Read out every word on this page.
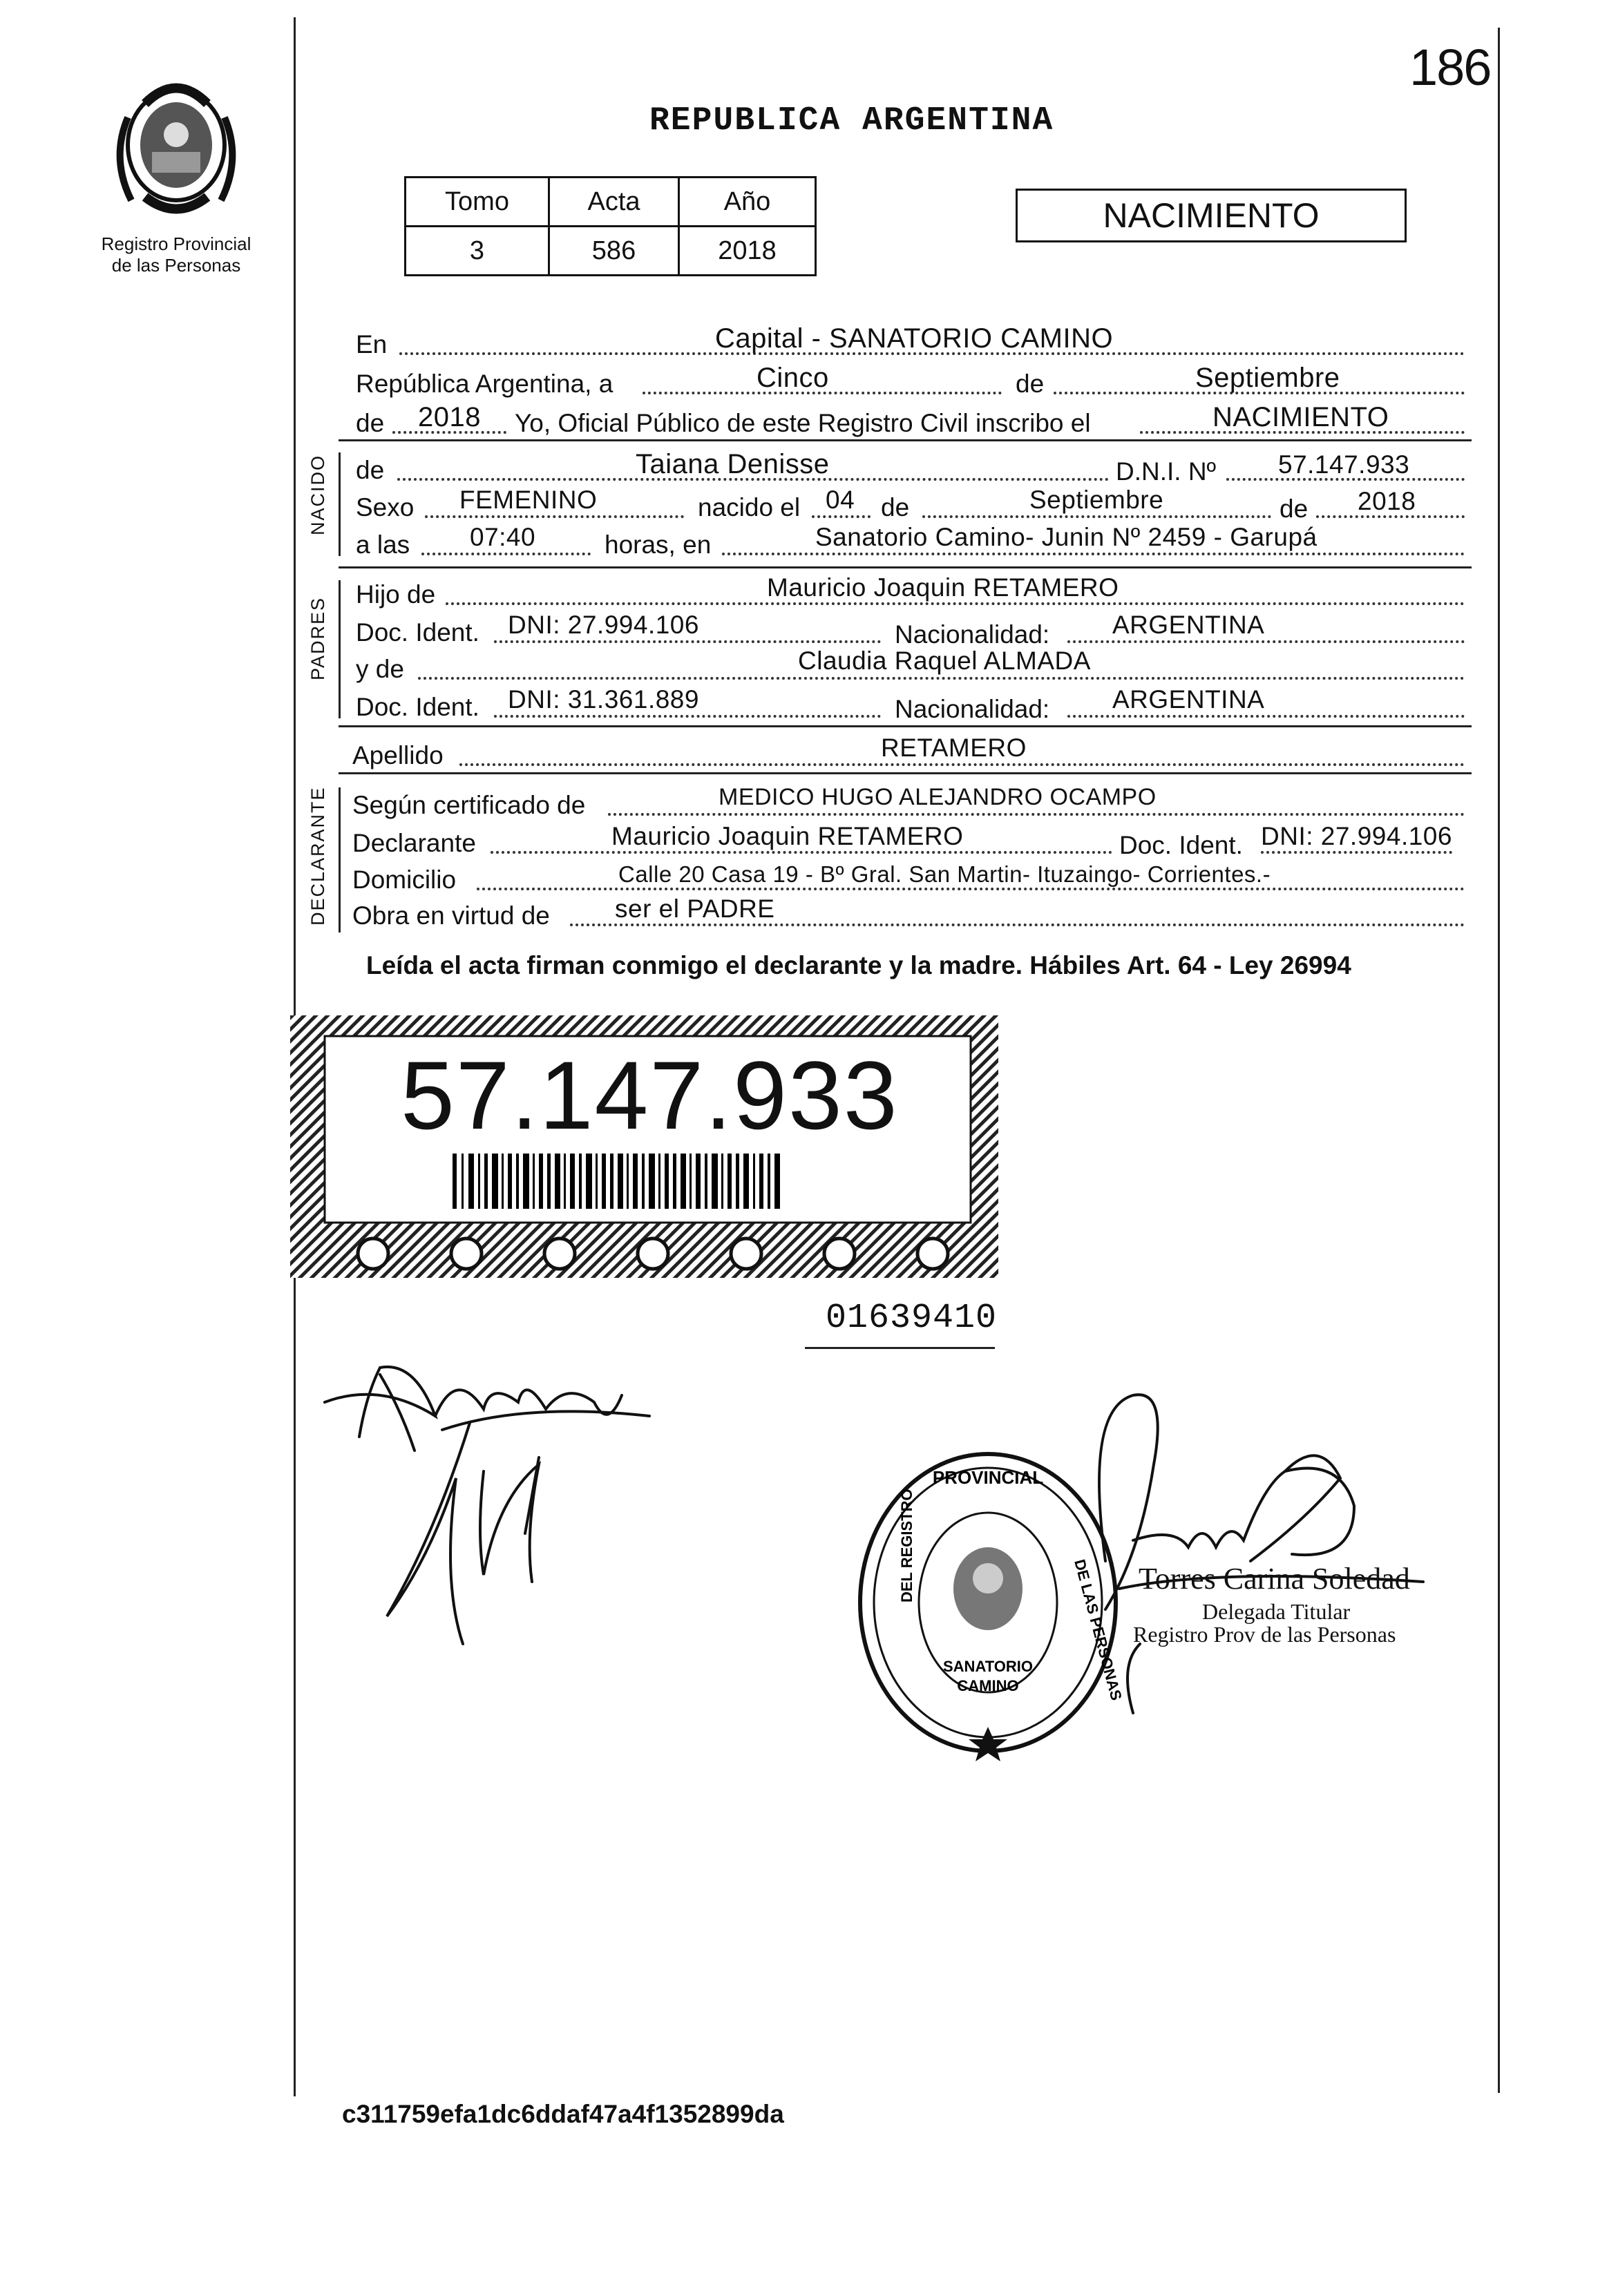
Registro Provincial
de las Personas
186
REPUBLICA ARGENTINA
Tomo	Acta	Año
3	586	2018
NACIMIENTO
En	Capital - SANATORIO CAMINO
República Argentina, a	Cinco	de	Septiembre
de 2018 Yo, Oficial Público de este Registro Civil inscribo el	NACIMIENTO
NACIDO de	Taiana Denisse	D.N.I. Nº 57.147.933
Sexo FEMENINO	nacido el 04 de	Septiembre	de 2018
a las 07:40	horas, en	Sanatorio Camino- Junin Nº 2459 - Garupá
PADRES
Hijo de	Mauricio Joaquin RETAMERO
Doc. Ident. DNI: 27.994.106	Nacionalidad: ARGENTINA
y de	Claudia Raquel ALMADA
Doc. Ident. DNI: 31.361.889	Nacionalidad: ARGENTINA
Apellido	RETAMERO
DECLARANTE Según certificado de	MEDICO HUGO ALEJANDRO OCAMPO
Declarante	Mauricio Joaquin RETAMERO	Doc. Ident. DNI: 27.994.106
Domicilio	Calle 20 Casa 19 - Bº Gral. San Martin- Ituzaingo- Corrientes.-
Obra en virtud de	ser el PADRE
Leída el acta firman conmigo el declarante y la madre. Hábiles Art. 64 - Ley 26994
57.147.933
01639410
PROVINCIAL
DEL REGISTRO
DE LAS PERSONAS
SANATORIO
CAMINO
Torres Carina Soledad
Delegada Titular
Registro Prov de las Personas
c311759efa1dc6ddaf47a4f1352899da
